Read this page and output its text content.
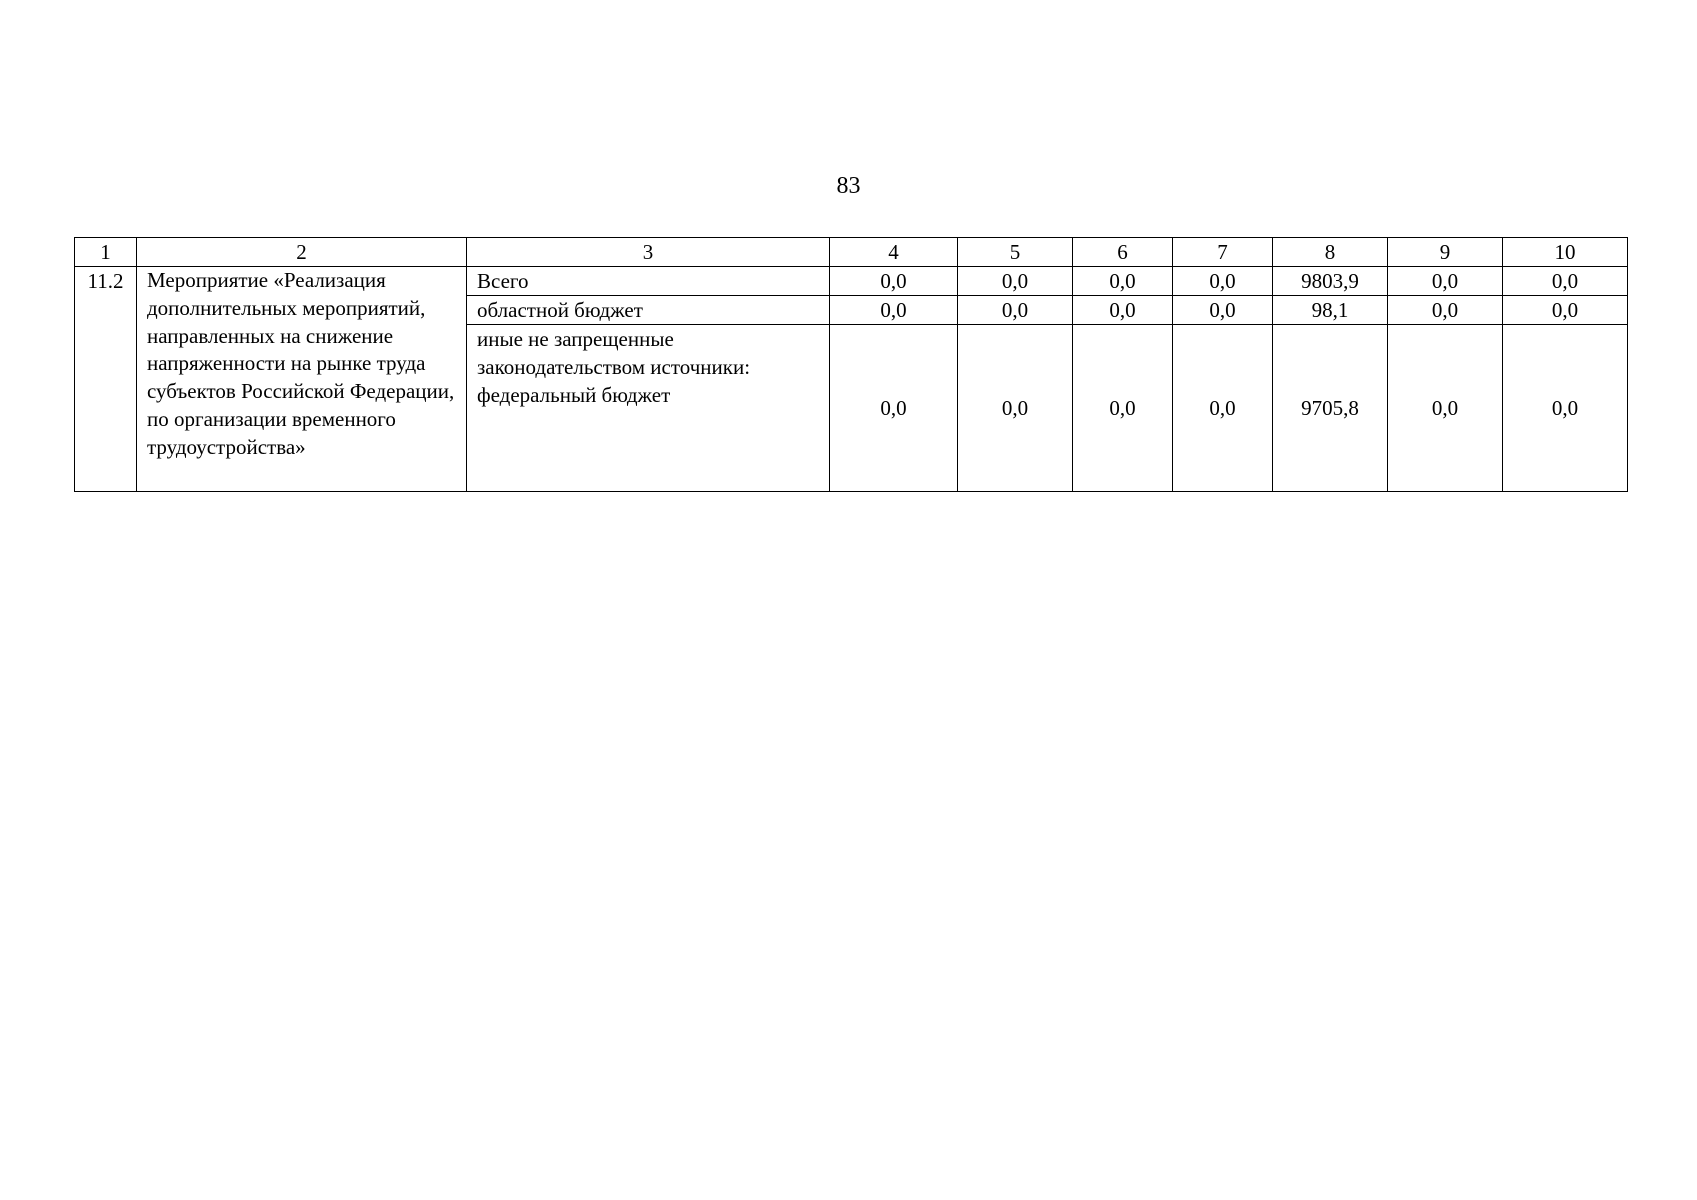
83
1	2	3	4	5	6	7	8	9	10
11.2	Мероприятие «Реализация дополнительных мероприятий, направленных на снижение напряженности на рынке труда субъектов Российской Федерации, по организации временного трудоустройства»	Всего	0,0	0,0	0,0	0,0	9803,9	0,0	0,0
		областной бюджет	0,0	0,0	0,0	0,0	98,1	0,0	0,0
		иные не запрещенные законодательством источники: федеральный бюджет	0,0	0,0	0,0	0,0	9705,8	0,0	0,0
